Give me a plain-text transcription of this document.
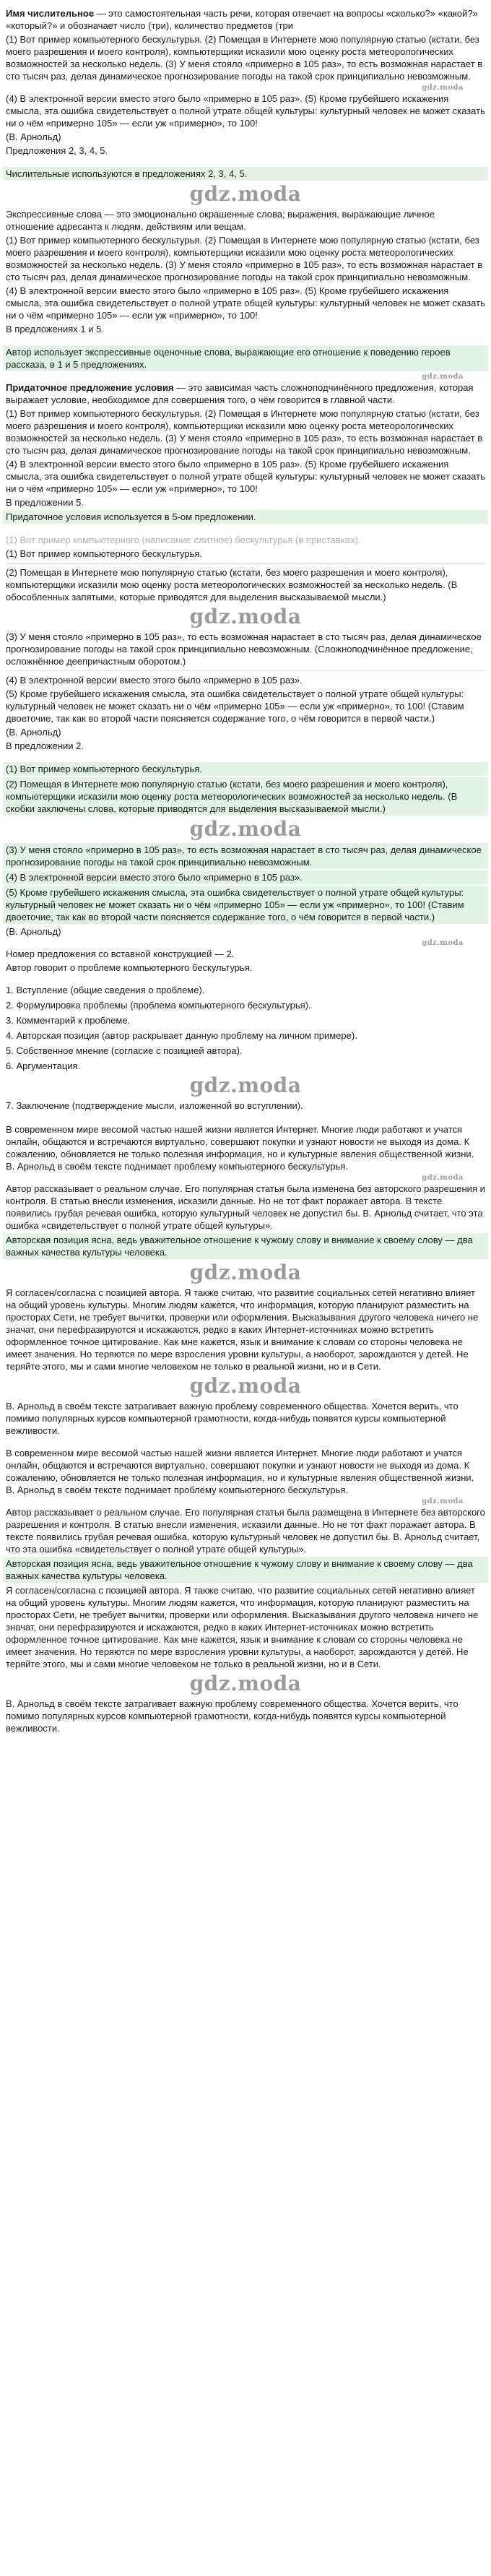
Имя числительное — это самостоятельная часть речи, которая отвечает на вопросы «сколько?» «какой?» «который?» и обозначает число (три), количество предметов (три

(1) Вот пример компьютерного бескультурья. (2) Помещая в Интернете мою популярную статью (кстати, без моего разрешения и моего контроля), компьютерщики исказили мою оценку роста метеорологических возможностей за несколько недель. (3) У меня стояло «примерно в 105 раз», то есть возможная нарастает в сто тысяч раз, делая динамическое прогнозирование погоды на такой срок принципиально невозможным.

gdz.moda

(4) В электронной версии вместо этого было «примерно в 105 раз». (5) Кроме грубейшего искажения смысла, эта ошибка свидетельствует о полной утрате общей культуры: культурный человек не может сказать ни о чём «примерно 105» — если уж «примерно», то 100!

(В. Арнольд)

Предложения 2, 3, 4, 5.

Числительные используются в предложениях 2, 3, 4, 5.

gdz.moda

Экспрессивные слова — это эмоционально окрашенные слова; выражения, выражающие личное отношение адресанта к людям, действиям или вещам.

(1) Вот пример компьютерного бескультурья. (2) Помещая в Интернете мою популярную статью (кстати, без моего разрешения и моего контроля), компьютерщики исказили мою оценку роста метеорологических возможностей за несколько недель. (3) У меня стояло «примерно в 105 раз», то есть возможная нарастает в сто тысяч раз, делая динамическое прогнозирование погоды на такой срок принципиально невозможным.

(4) В электронной версии вместо этого было «примерно в 105 раз». (5) Кроме грубейшего искажения смысла, эта ошибка свидетельствует о полной утрате общей культуры: культурный человек не может сказать ни о чём «примерно 105» — если уж «примерно», то 100!

В предложениях 1 и 5.

Автор использует экспрессивные оценочные слова, выражающие его отношение к поведению героев рассказа, в 1 и 5 предложениях.

gdz.moda

Придаточное предложение условия — это зависимая часть сложноподчинённого предложения, которая выражает условие, необходимое для совершения того, о чём говорится в главной части.

(1) Вот пример компьютерного бескультурья. (2) Помещая в Интернете мою популярную статью (кстати, без моего разрешения и моего контроля), компьютерщики исказили мою оценку роста метеорологических возможностей за несколько недель. (3) У меня стояло «примерно в 105 раз», то есть возможная нарастает в сто тысяч раз, делая динамическое прогнозирование погоды на такой срок принципиально невозможным.

(4) В электронной версии вместо этого было «примерно в 105 раз». (5) Кроме грубейшего искажения смысла, эта ошибка свидетельствует о полной утрате общей культуры: культурный человек не может сказать ни о чём «примерно 105» — если уж «примерно», то 100!

В предложении 5.

Придаточное условия используется в 5-ом предложении.

(1) Вот пример компьютерного (написание слитное) бескультурья (в приставках).

(1) Вот пример компьютерного бескультурья.

(2) Помещая в Интернете мою популярную статью (кстати, без моего разрешения и моего контроля), компьютерщики исказили мою оценку роста метеорологических возможностей за несколько недель. (В обособленных запятыми, которые приводятся для выделения высказываемой мысли.)

gdz.moda

(3) У меня стояло «примерно в 105 раз», то есть возможная нарастает в сто тысяч раз, делая динамическое прогнозирование погоды на такой срок принципиально невозможным. (Сложноподчинённое предложение, осложнённое деепричастным оборотом.)

(4) В электронной версии вместо этого было «примерно в 105 раз».

(5) Кроме грубейшего искажения смысла, эта ошибка свидетельствует о полной утрате общей культуры: культурный человек не может сказать ни о чём «примерно 105» — если уж «примерно», то 100! (Ставим двоеточие, так как во второй части поясняется содержание того, о чём говорится в первой части.)

(В. Арнольд)

В предложении 2.

(1) Вот пример компьютерного бескультурья.

(2) Помещая в Интернете мою популярную статью (кстати, без моего разрешения и моего контроля), компьютерщики исказили мою оценку роста метеорологических возможностей за несколько недель. (В скобки заключены слова, которые приводятся для выделения высказываемой мысли.)

gdz.moda

(3) У меня стояло «примерно в 105 раз», то есть возможная нарастает в сто тысяч раз, делая динамическое прогнозирование погоды на такой срок принципиально невозможным.

(4) В электронной версии вместо этого было «примерно в 105 раз».

(5) Кроме грубейшего искажения смысла, эта ошибка свидетельствует о полной утрате общей культуры: культурный человек не может сказать ни о чём «примерно 105» — если уж «примерно», то 100! (Ставим двоеточие, так как во второй части поясняется содержание того, о чём говорится в первой части.)

(В. Арнольд)

gdz.moda

Номер предложения со вставной конструкцией — 2.

Автор говорит о проблеме компьютерного бескультурья.

1. Вступление (общие сведения о проблеме).

2. Формулировка проблемы (проблема компьютерного бескультурья).

3. Комментарий к проблеме.

4. Авторская позиция (автор раскрывает данную проблему на личном примере).

5. Собственное мнение (согласие с позицией автора).

6. Аргументация.

gdz.moda

7. Заключение (подтверждение мысли, изложенной во вступлении).

В современном мире весомой частью нашей жизни является Интернет. Многие люди работают и учатся онлайн, общаются и встречаются виртуально, совершают покупки и узнают новости не выходя из дома. К сожалению, обновляется не только полезная информация, но и культурные явления общественной жизни. В. Арнольд в своём тексте поднимает проблему компьютерного бескультурья.

gdz.moda

Автор рассказывает о реальном случае. Его популярная статья была изменена без авторского разрешения и контроля. В статью внесли изменения, исказили данные. Но не тот факт поражает автора. В тексте появились грубая речевая ошибка, которую культурный человек не допустил бы. В. Арнольд считает, что эта ошибка «свидетельствует о полной утрате общей культуры».

Авторская позиция ясна, ведь уважительное отношение к чужому слову и внимание к своему слову — два важных качества культуры человека.

gdz.moda

Я согласен/согласна с позицией автора. Я также считаю, что развитие социальных сетей негативно влияет на общий уровень культуры. Многим людям кажется, что информация, которую планируют разместить на просторах Сети, не требует вычитки, проверки или оформления. Высказывания другого человека ничего не значат, они перефразируются и искажаются, редко в каких Интернет-источниках можно встретить оформленное точное цитирование. Как мне кажется, язык и внимание к словам со стороны человека не имеет значения. Но теряются по мере взросления уровни культуры, а наоборот, зарождаются у детей. Не теряйте этого, мы и сами многие человеком не только в реальной жизни, но и в Сети.

gdz.moda

В. Арнольд в своём тексте затрагивает важную проблему современного общества. Хочется верить, что помимо популярных курсов компьютерной грамотности, когда-нибудь появятся курсы компьютерной вежливости.

В современном мире весомой частью нашей жизни является Интернет. Многие люди работают и учатся онлайн, общаются и встречаются виртуально, совершают покупки и узнают новости не выходя из дома. К сожалению, обновляется не только полезная информация, но и культурные явления общественной жизни. В. Арнольд в своём тексте поднимает проблему компьютерного бескультурья.

gdz.moda

Автор рассказывает о реальном случае. Его популярная статья была размещена в Интернете без авторского разрешения и контроля. В статью внесли изменения, исказили данные. Но не тот факт поражает автора. В тексте появились грубая речевая ошибка, которую культурный человек не допустил бы. В. Арнольд считает, что эта ошибка «свидетельствует о полной утрате общей культуры».

Авторская позиция ясна, ведь уважительное отношение к чужому слову и внимание к своему слову — два важных качества культуры человека.

Я согласен/согласна с позицией автора. Я также считаю, что развитие социальных сетей негативно влияет на общий уровень культуры. Многим людям кажется, что информация, которую планируют разместить на просторах Сети, не требует вычитки, проверки или оформления. Высказывания другого человека ничего не значат, они перефразируются и искажаются, редко в каких Интернет-источниках можно встретить оформленное точное цитирование. Как мне кажется, язык и внимание к словам со стороны человека не имеет значения. Но теряются по мере взросления уровни культуры, а наоборот, зарождаются у детей. Не теряйте этого, мы и сами многие человеком не только в реальной жизни, но и в Сети.

gdz.moda

В. Арнольд в своём тексте затрагивает важную проблему современного общества. Хочется верить, что помимо популярных курсов компьютерной грамотности, когда-нибудь появятся курсы компьютерной вежливости.
